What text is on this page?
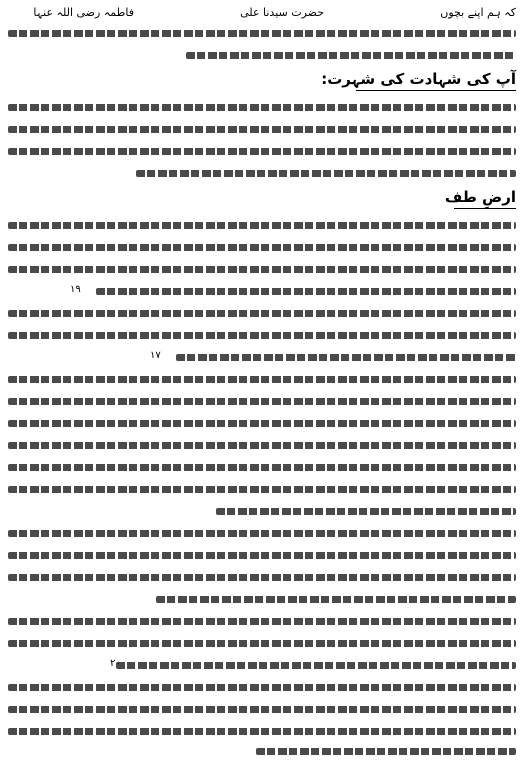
کہ ہم اپنے بچوں
حضرت سیدنا علی
فاطمہ رضی اللہ عنہا
آپ کی شہادت کی شہرت:
ارضِ طف
١٩
١٧
٢٠
